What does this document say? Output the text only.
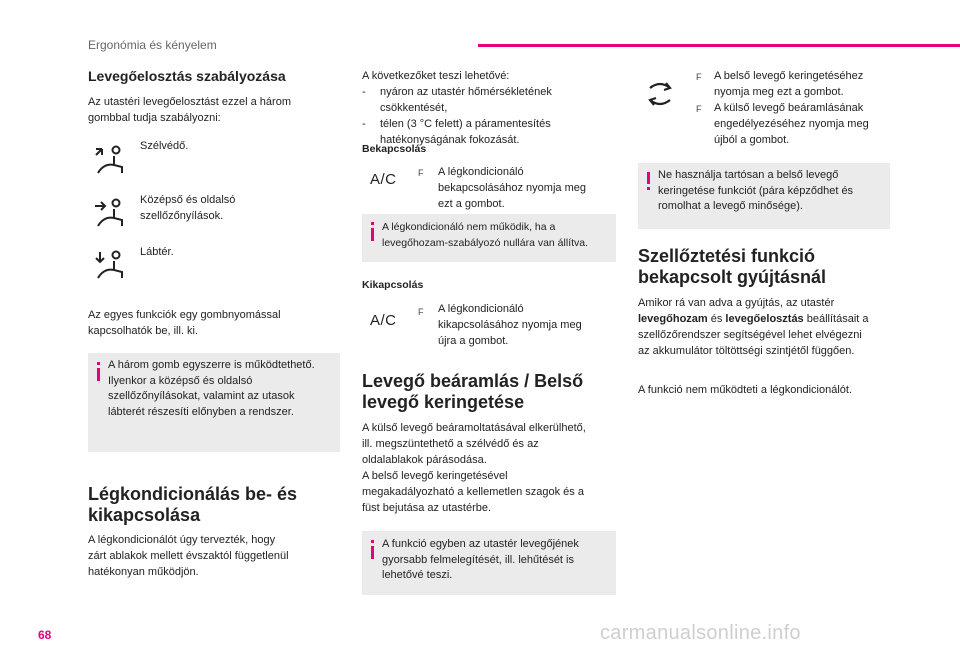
Ergonómia és kényelem
Levegőelosztás szabályozása
Az utastéri levegőelosztást ezzel a három
gombbal tudja szabályozni:
Szélvédő.
Középső és oldalsó
szellőzőnyílások.
Lábtér.
Az egyes funkciók egy gombnyomással
kapcsolhatók be, ill. ki.
A három gomb egyszerre is működtethető.
Ilyenkor a középső és oldalsó
szellőzőnyílásokat, valamint az utasok
lábterét részesíti előnyben a rendszer.
Légkondicionálás be- és
kikapcsolása
A légkondicionálót úgy tervezték, hogy
zárt ablakok mellett évszaktól függetlenül
hatékonyan működjön.
A következőket teszi lehetővé:
- nyáron az utastér hőmérsékletének
csökkentését,
- télen (3 °C felett) a páramentesítés
hatékonyságának fokozását.
Bekapcsolás
A/C F A légkondicionáló
bekapcsolásához nyomja meg
ezt a gombot.
A légkondicionáló nem működik, ha a
levegőhozam-szabályozó nullára van állítva.
Kikapcsolás
A/C F A légkondicionáló
kikapcsolásához nyomja meg
újra a gombot.
Levegő beáramlás / Belső
levegő keringetése
A külső levegő beáramoltatásával elkerülhető,
ill. megszüntethető a szélvédő és az
oldalablakok párásodása.
A belső levegő keringetésével
megakadályozható a kellemetlen szagok és a
füst bejutása az utastérbe.
A funkció egyben az utastér levegőjének
gyorsabb felmelegítését, ill. lehűtését is
lehetővé teszi.
F A belső levegő keringetéséhez
nyomja meg ezt a gombot.
F A külső levegő beáramlásának
engedélyezéséhez nyomja meg
újból a gombot.
Ne használja tartósan a belső levegő
keringetése funkciót (pára képződhet és
romolhat a levegő minősége).
Szellőztetési funkció
bekapcsolt gyújtásnál
Amikor rá van adva a gyújtás, az utastér
levegőhozam és levegőelosztás beállításait a
szellőzőrendszer segítségével lehet elvégezni
az akkumulátor töltöttségi szintjétől függően.
A funkció nem működteti a légkondicionálót.
68	carmanualsonline.info
